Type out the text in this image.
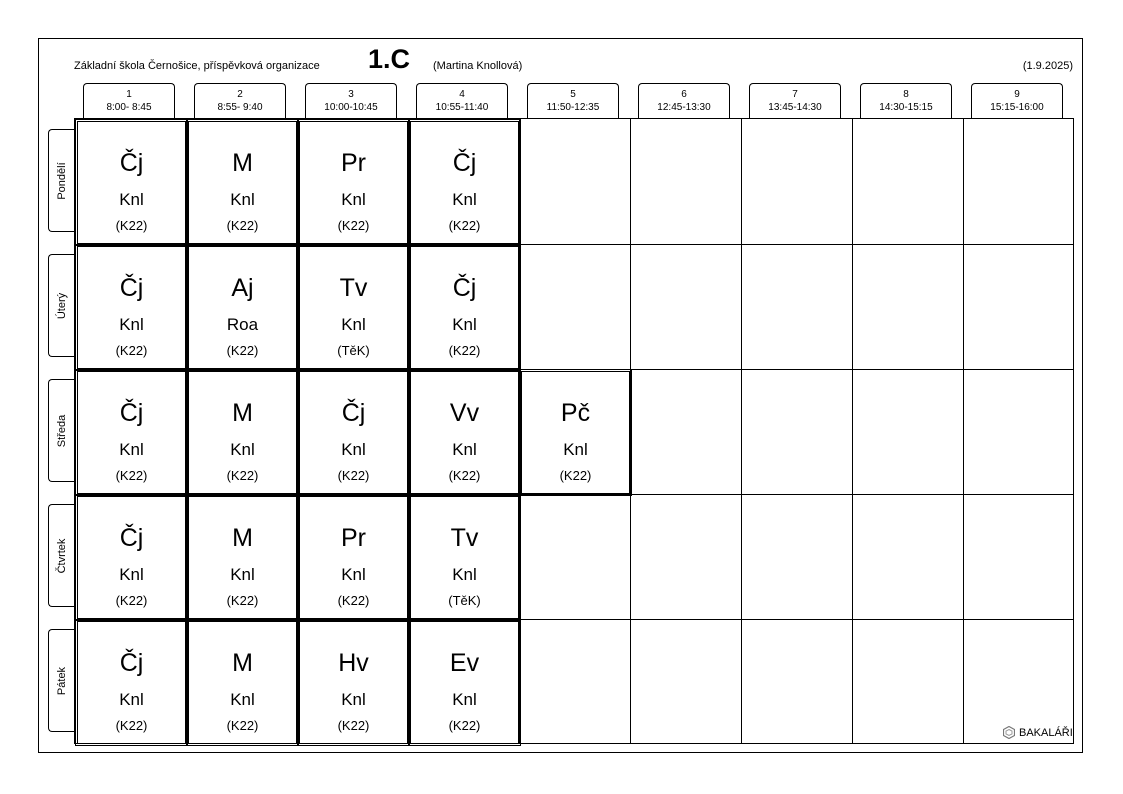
Základní škola Černošice, příspěvková organizace 1.C (Martina Knollová)	(1.9.2025)
1
8:00- 8:45
2
8:55- 9:40
3
10:00-10:45
4
10:55-11:40
5
11:50-12:35
6
12:45-13:30
7
13:45-14:30
8
14:30-15:15
9
15:15-16:00
Pondělí
Úterý
Středa
Čtvrtek
Pátek
Čj
Knl
(K22)
M
Knl
(K22)
Pr
Knl
(K22)
Čj
Knl
(K22)
Čj
Knl
(K22)
Aj
Roa
(K22)
Tv
Knl
(TěK)
Čj
Knl
(K22)
Čj
Knl
(K22)
M
Knl
(K22)
Čj
Knl
(K22)
Vv
Knl
(K22)
Pč
Knl
(K22)
Čj
Knl
(K22)
M
Knl
(K22)
Pr
Knl
(K22)
Tv
Knl
(TěK)
Čj
Knl
(K22)
M
Knl
(K22)
Hv
Knl
(K22)
Ev
Knl
(K22)	BAKALÁŘI
